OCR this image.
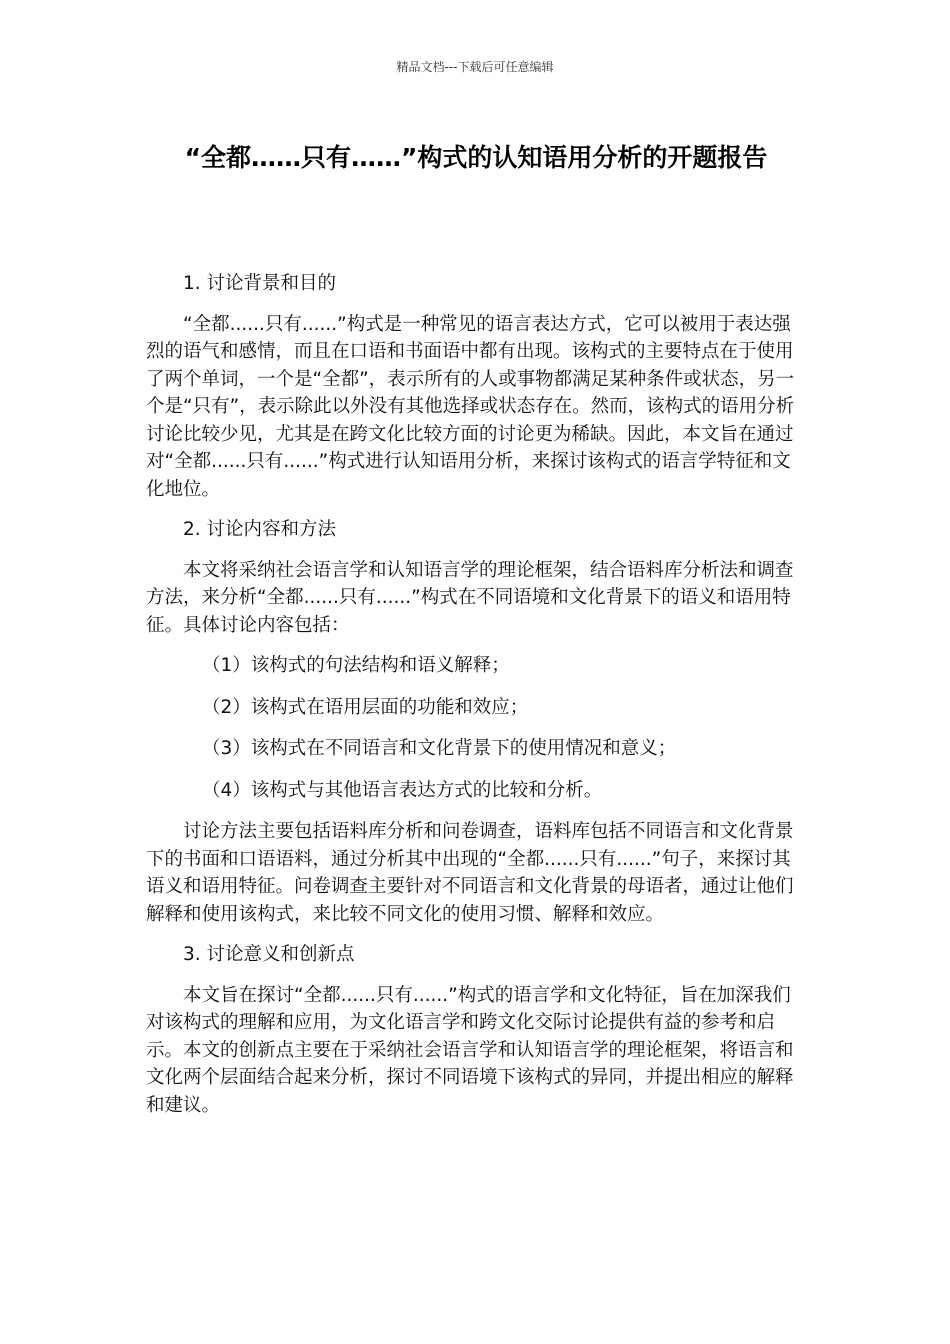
精品文档---下载后可任意编辑
“全都……只有……”构式的认知语用分析的开题报告

1. 讨论背景和目的

“全都......只有......”构式是一种常见的语言表达方式，它可以被用于表达强烈的语气和感情，而且在口语和书面语中都有出现。该构式的主要特点在于使用了两个单词，一个是“全都”，表示所有的人或事物都满足某种条件或状态，另一个是“只有”，表示除此以外没有其他选择或状态存在。然而，该构式的语用分析讨论比较少见，尤其是在跨文化比较方面的讨论更为稀缺。因此，本文旨在通过对“全都......只有......”构式进行认知语用分析，来探讨该构式的语言学特征和文化地位。

2. 讨论内容和方法

本文将采纳社会语言学和认知语言学的理论框架，结合语料库分析法和调查方法，来分析“全都......只有......”构式在不同语境和文化背景下的语义和语用特征。具体讨论内容包括：

（1）该构式的句法结构和语义解释；

（2）该构式在语用层面的功能和效应；

（3）该构式在不同语言和文化背景下的使用情况和意义；

（4）该构式与其他语言表达方式的比较和分析。

讨论方法主要包括语料库分析和问卷调查，语料库包括不同语言和文化背景下的书面和口语语料，通过分析其中出现的“全都......只有......”句子，来探讨其语义和语用特征。问卷调查主要针对不同语言和文化背景的母语者，通过让他们解释和使用该构式，来比较不同文化的使用习惯、解释和效应。

3. 讨论意义和创新点

本文旨在探讨“全都......只有......”构式的语言学和文化特征，旨在加深我们对该构式的理解和应用，为文化语言学和跨文化交际讨论提供有益的参考和启示。本文的创新点主要在于采纳社会语言学和认知语言学的理论框架，将语言和文化两个层面结合起来分析，探讨不同语境下该构式的异同，并提出相应的解释和建议。
